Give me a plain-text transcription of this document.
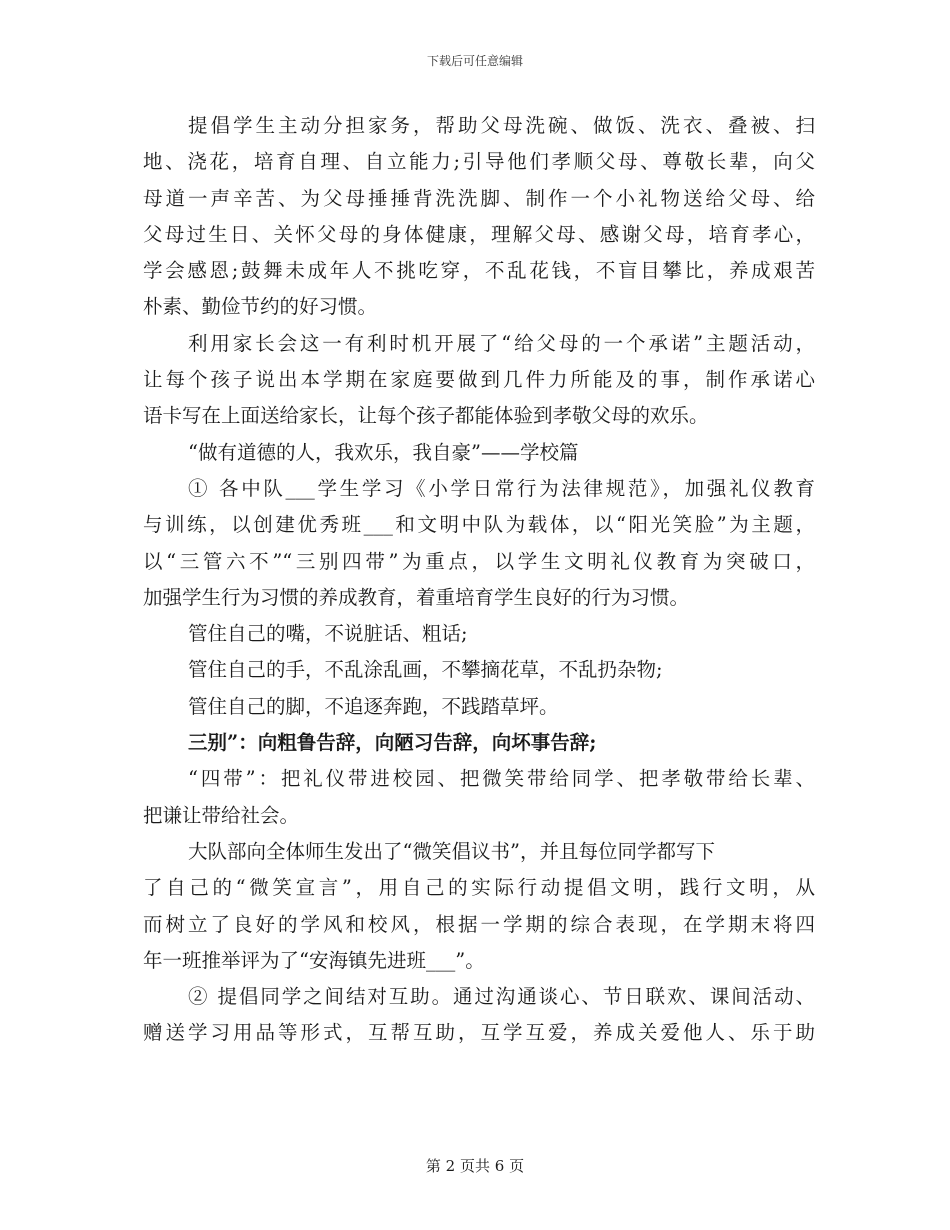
下载后可任意编辑
提倡学生主动分担家务，帮助父母洗碗、做饭、洗衣、叠被、扫
地、浇花，培育自理、自立能力;引导他们孝顺父母、尊敬长辈，向父
母道一声辛苦、为父母捶捶背洗洗脚、制作一个小礼物送给父母、给
父母过生日、关怀父母的身体健康，理解父母、感谢父母，培育孝心，
学会感恩;鼓舞未成年人不挑吃穿，不乱花钱，不盲目攀比，养成艰苦
朴素、勤俭节约的好习惯。
利用家长会这一有利时机开展了“给父母的一个承诺”主题活动，
让每个孩子说出本学期在家庭要做到几件力所能及的事，制作承诺心
语卡写在上面送给家长，让每个孩子都能体验到孝敬父母的欢乐。
“做有道德的人，我欢乐，我自豪”——学校篇
① 各中队___学生学习《小学日常行为法律规范》，加强礼仪教育
与训练，以创建优秀班___和文明中队为载体，以“阳光笑脸”为主题，
以“三管六不”“三别四带”为重点，以学生文明礼仪教育为突破口，
加强学生行为习惯的养成教育，着重培育学生良好的行为习惯。
管住自己的嘴，不说脏话、粗话;
管住自己的手，不乱涂乱画，不攀摘花草，不乱扔杂物;
管住自己的脚，不追逐奔跑，不践踏草坪。
三别”：向粗鲁告辞，向陋习告辞，向坏事告辞;
“四带”：把礼仪带进校园、把微笑带给同学、把孝敬带给长辈、
把谦让带给社会。
大队部向全体师生发出了“微笑倡议书”，并且每位同学都写下
了自己的“微笑宣言”，用自己的实际行动提倡文明，践行文明，从
而树立了良好的学风和校风，根据一学期的综合表现，在学期末将四
年一班推举评为了“安海镇先进班___”。
② 提倡同学之间结对互助。通过沟通谈心、节日联欢、课间活动、
赠送学习用品等形式，互帮互助，互学互爱，养成关爱他人、乐于助
第 2 页共 6 页
